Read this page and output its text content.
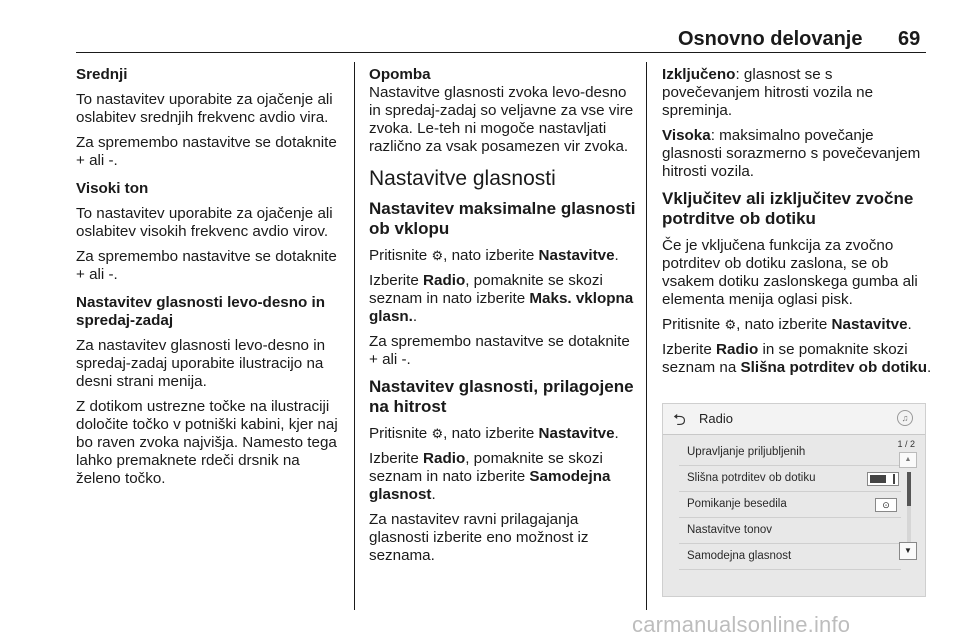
Osnovno delovanje 69

Srednji

To nastavitev uporabite za ojačenje ali oslabitev srednjih frekvenc avdio vira.

Za spremembo nastavitve se dotaknite + ali -.

Visoki ton

To nastavitev uporabite za ojačenje ali oslabitev visokih frekvenc avdio virov.

Za spremembo nastavitve se dotaknite + ali -.

Nastavitev glasnosti levo-desno in spredaj-zadaj

Za nastavitev glasnosti levo-desno in spredaj-zadaj uporabite ilustracijo na desni strani menija.

Z dotikom ustrezne točke na ilustraciji določite točko v potniški kabini, kjer naj bo raven zvoka najvišja. Namesto tega lahko premaknete rdeči drsnik na želeno točko.

Opomba

Nastavitve glasnosti zvoka levo-desno in spredaj-zadaj so veljavne za vse vire zvoka. Le-teh ni mogoče nastavljati različno za vsak posamezen vir zvoka.

Nastavitve glasnosti
Nastavitev maksimalne glasnosti ob vklopu

Pritisnite ⚙, nato izberite Nastavitve.

Izberite Radio, pomaknite se skozi seznam in nato izberite Maks. vklopna glasn..

Za spremembo nastavitve se dotaknite + ali -.

Nastavitev glasnosti, prilagojene na hitrost

Pritisnite ⚙, nato izberite Nastavitve.

Izberite Radio, pomaknite se skozi seznam in nato izberite Samodejna glasnost.

Za nastavitev ravni prilagajanja glasnosti izberite eno možnost iz seznama.

Izključeno: glasnost se s povečevanjem hitrosti vozila ne spreminja.

Visoka: maksimalno povečanje glasnosti sorazmerno s povečevanjem hitrosti vozila.

Vključitev ali izključitev zvočne potrditve ob dotiku

Če je vključena funkcija za zvočno potrditev ob dotiku zaslona, se ob vsakem dotiku zaslonskega gumba ali elementa menija oglasi pisk.

Pritisnite ⚙, nato izberite Nastavitve.

Izberite Radio in se pomaknite skozi seznam na Slišna potrditev ob dotiku.

⮌ Radio	♫
Upravljanje priljubljenih
Slišna potrditev ob dotiku
Pomikanje besedila	⊙
Nastavitve tonov
Samodejna glasnost
1 / 2
▲
▼
carmanualsonline.info
